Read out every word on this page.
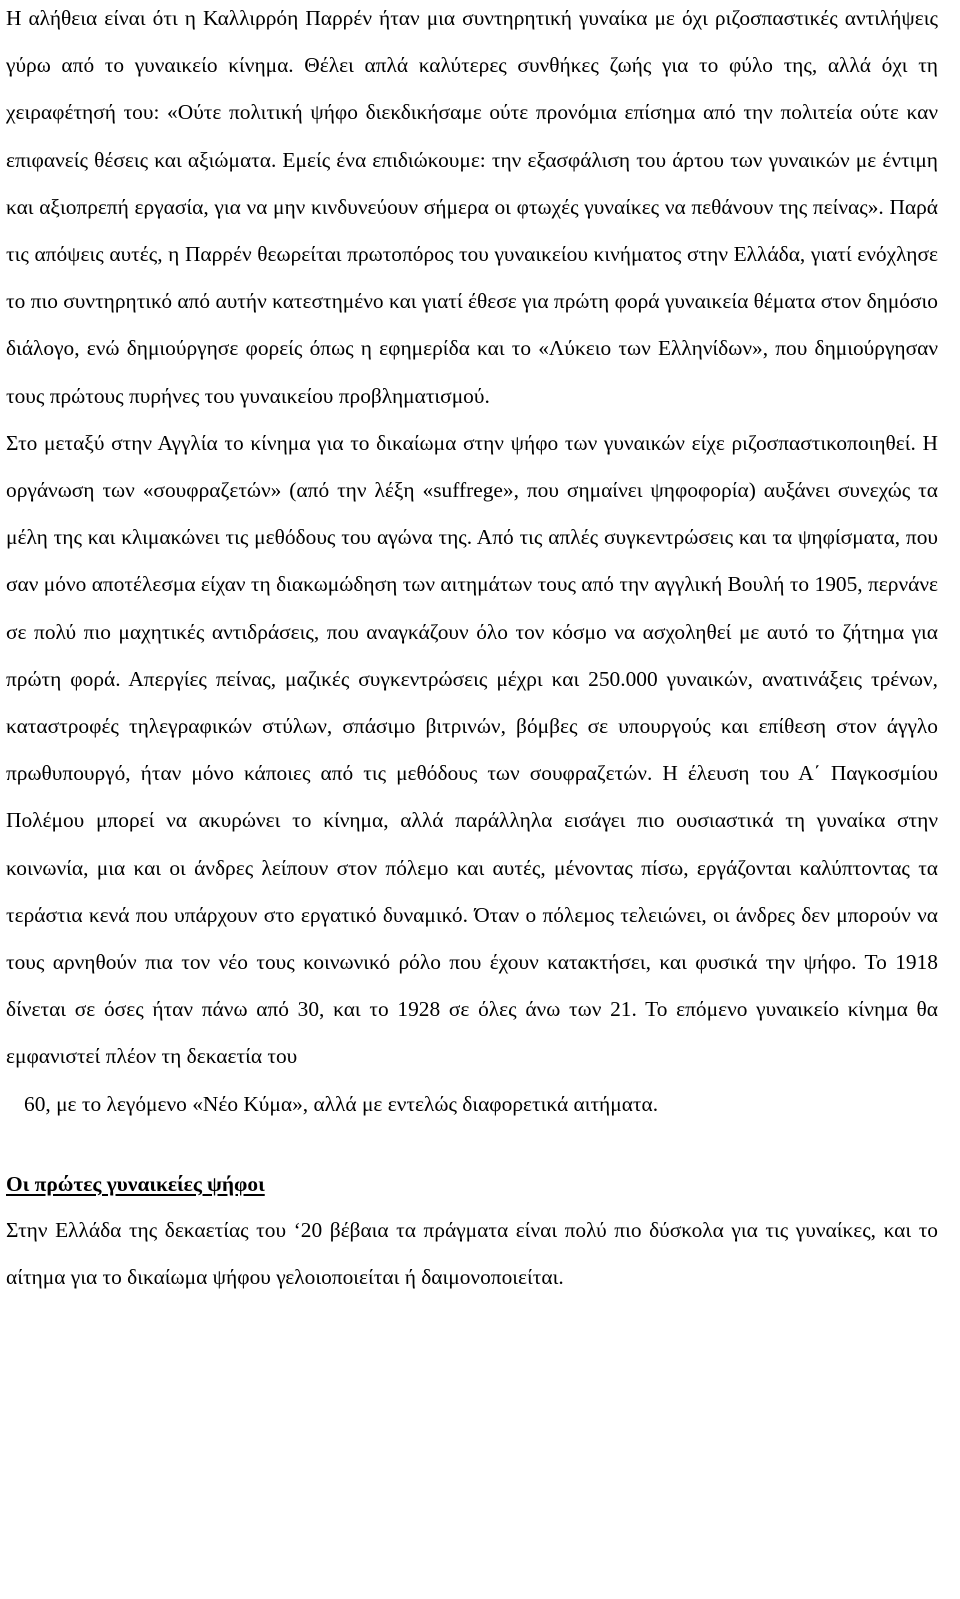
Η αλήθεια είναι ότι η Καλλιρρόη Παρρέν ήταν μια συντηρητική γυναίκα με όχι ριζοσπαστικές αντιλήψεις γύρω από το γυναικείο κίνημα. Θέλει απλά καλύτερες συνθήκες ζωής για το φύλο της, αλλά όχι τη χειραφέτησή του: «Ούτε πολιτική ψήφο διεκδικήσαμε ούτε προνόμια επίσημα από την πολιτεία ούτε καν επιφανείς θέσεις και αξιώματα. Εμείς ένα επιδιώκουμε: την εξασφάλιση του άρτου των γυναικών με έντιμη και αξιοπρεπή εργασία, για να μην κινδυνεύουν σήμερα οι φτωχές γυναίκες να πεθάνουν της πείνας». Παρά τις απόψεις αυτές, η Παρρέν θεωρείται πρωτοπόρος του γυναικείου κινήματος στην Ελλάδα, γιατί ενόχλησε το πιο συντηρητικό από αυτήν κατεστημένο και γιατί έθεσε για πρώτη φορά γυναικεία θέματα στον δημόσιο διάλογο, ενώ δημιούργησε φορείς όπως η εφημερίδα και το «Λύκειο των Ελληνίδων», που δημιούργησαν τους πρώτους πυρήνες του γυναικείου προβληματισμού.

Στο μεταξύ στην Αγγλία το κίνημα για το δικαίωμα στην ψήφο των γυναικών είχε ριζοσπαστικοποιηθεί. Η οργάνωση των «σουφραζετών» (από την λέξη «suffrege», που σημαίνει ψηφοφορία) αυξάνει συνεχώς τα μέλη της και κλιμακώνει τις μεθόδους του αγώνα της. Από τις απλές συγκεντρώσεις και τα ψηφίσματα, που σαν μόνο αποτέλεσμα είχαν τη διακωμώδηση των αιτημάτων τους από την αγγλική Βουλή το 1905, περνάνε σε πολύ πιο μαχητικές αντιδράσεις, που αναγκάζουν όλο τον κόσμο να ασχοληθεί με αυτό το ζήτημα για πρώτη φορά. Απεργίες πείνας, μαζικές συγκεντρώσεις μέχρι και 250.000 γυναικών, ανατινάξεις τρένων, καταστροφές τηλεγραφικών στύλων, σπάσιμο βιτρινών, βόμβες σε υπουργούς και επίθεση στον άγγλο πρωθυπουργό, ήταν μόνο κάποιες από τις μεθόδους των σουφραζετών. Η έλευση του Α΄ Παγκοσμίου Πολέμου μπορεί να ακυρώνει το κίνημα, αλλά παράλληλα εισάγει πιο ουσιαστικά τη γυναίκα στην κοινωνία, μια και οι άνδρες λείπουν στον πόλεμο και αυτές, μένοντας πίσω, εργάζονται καλύπτοντας τα τεράστια κενά που υπάρχουν στο εργατικό δυναμικό. Όταν ο πόλεμος τελειώνει, οι άνδρες δεν μπορούν να τους αρνηθούν πια τον νέο τους κοινωνικό ρόλο που έχουν κατακτήσει, και φυσικά την ψήφο. Το 1918 δίνεται σε όσες ήταν πάνω από 30, και το 1928 σε όλες άνω των 21. Το επόμενο γυναικείο κίνημα θα εμφανιστεί πλέον τη δεκαετία του
60, με το λεγόμενο «Νέο Κύμα», αλλά με εντελώς διαφορετικά αιτήματα.

Οι πρώτες γυναικείες ψήφοι

Στην Ελλάδα της δεκαετίας του ‘20 βέβαια τα πράγματα είναι πολύ πιο δύσκολα για τις γυναίκες, και το αίτημα για το δικαίωμα ψήφου γελοιοποιείται ή δαιμονοποιείται.
